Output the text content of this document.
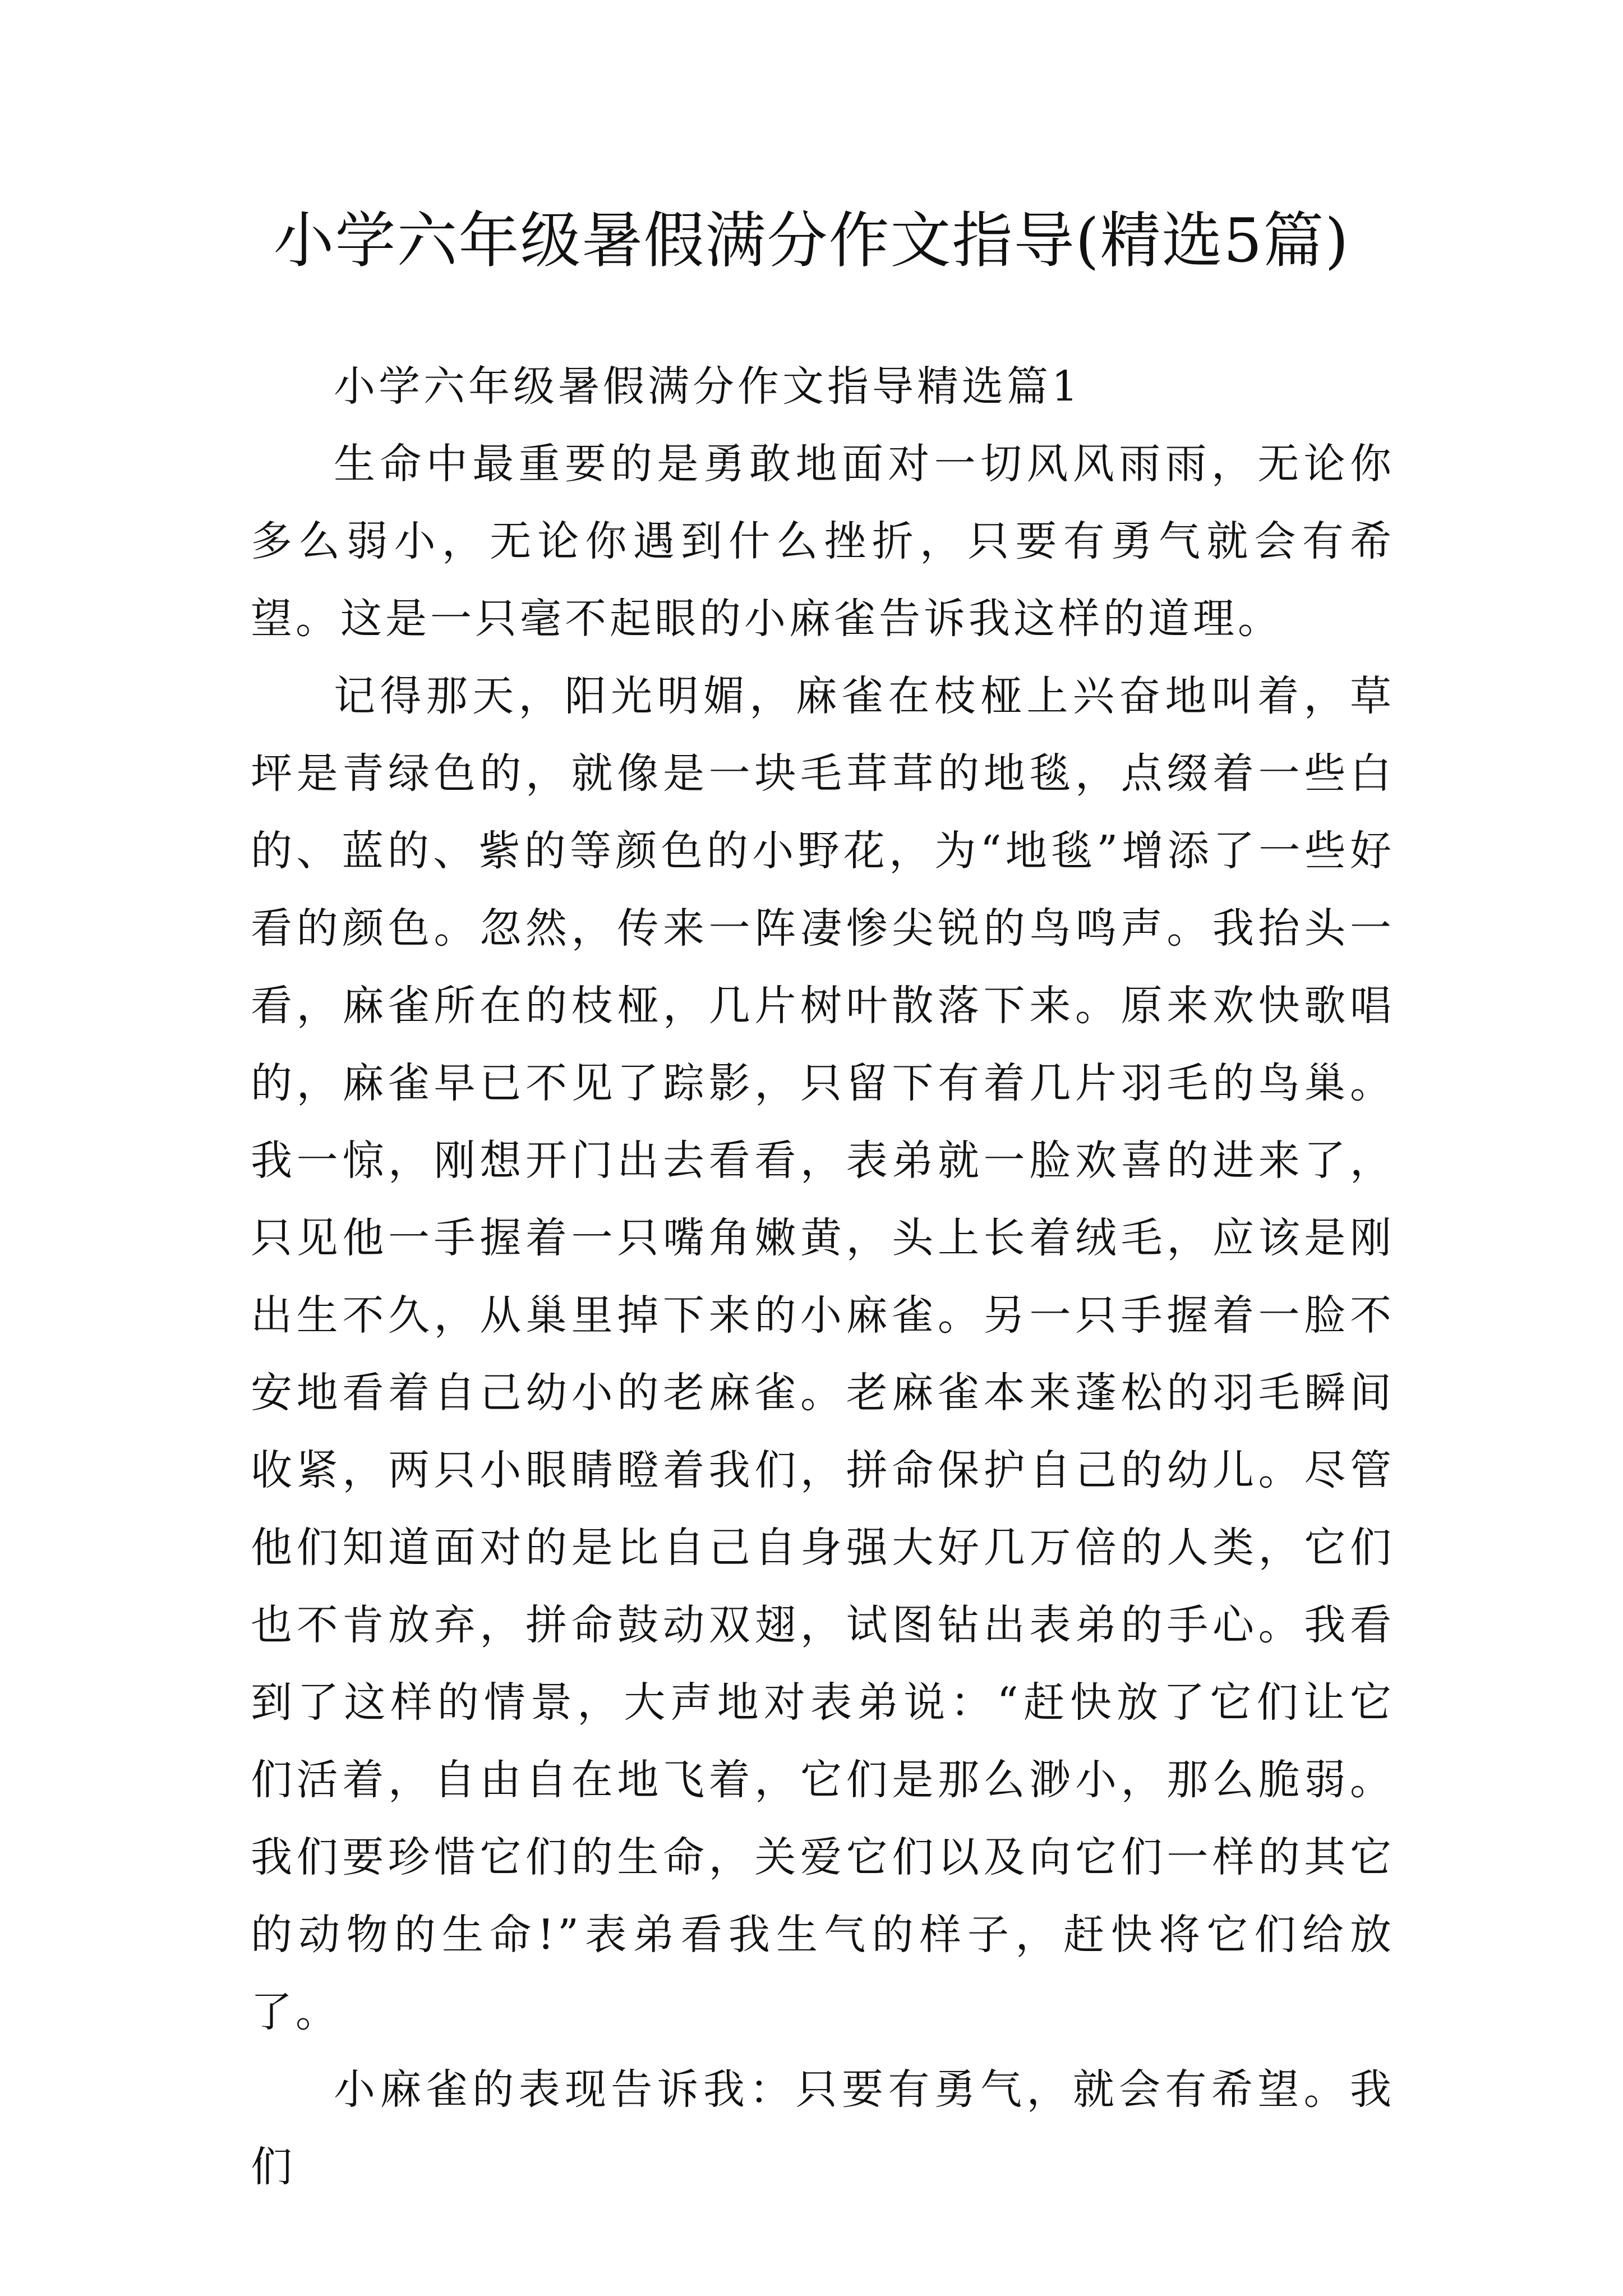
小学六年级暑假满分作文指导(精选5篇)

小学六年级暑假满分作文指导精选篇1

生命中最重要的是勇敢地面对一切风风雨雨，无论你多么弱小，无论你遇到什么挫折，只要有勇气就会有希望。这是一只毫不起眼的小麻雀告诉我这样的道理。

记得那天，阳光明媚，麻雀在枝桠上兴奋地叫着，草坪是青绿色的，就像是一块毛茸茸的地毯，点缀着一些白的、蓝的、紫的等颜色的小野花，为“地毯”增添了一些好看的颜色。忽然，传来一阵凄惨尖锐的鸟鸣声。我抬头一看，麻雀所在的枝桠，几片树叶散落下来。原来欢快歌唱的，麻雀早已不见了踪影，只留下有着几片羽毛的鸟巢。我一惊，刚想开门出去看看，表弟就一脸欢喜的进来了，只见他一手握着一只嘴角嫩黄，头上长着绒毛，应该是刚出生不久，从巢里掉下来的小麻雀。另一只手握着一脸不安地看着自己幼小的老麻雀。老麻雀本来蓬松的羽毛瞬间收紧，两只小眼睛瞪着我们，拼命保护自己的幼儿。尽管他们知道面对的是比自己自身强大好几万倍的人类，它们也不肯放弃，拼命鼓动双翅，试图钻出表弟的手心。我看到了这样的情景，大声地对表弟说：“赶快放了它们让它们活着，自由自在地飞着，它们是那么渺小，那么脆弱。我们要珍惜它们的生命，关爱它们以及向它们一样的其它的动物的生命!”表弟看我生气的样子，赶快将它们给放了。

小麻雀的表现告诉我：只要有勇气，就会有希望。我们
